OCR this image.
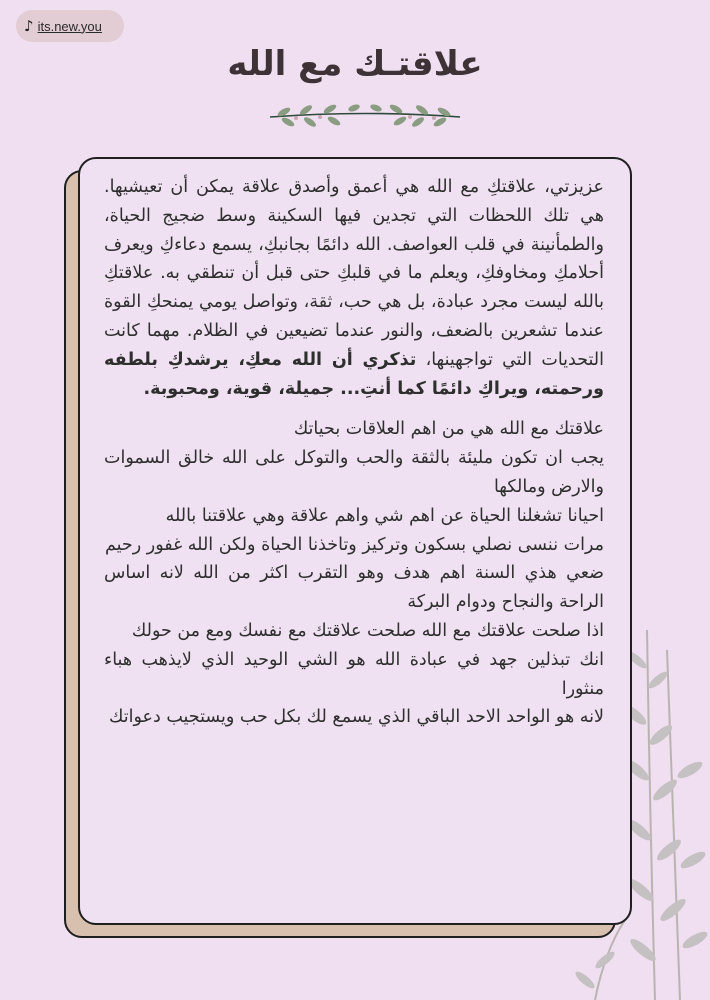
♪ its.new.you
علاقتـك مع الله

عزيزتي، علاقتكِ مع الله هي أعمق وأصدق علاقة يمكن أن تعيشيها. هي تلك اللحظات التي تجدين فيها السكينة وسط ضجيج الحياة، والطمأنينة في قلب العواصف. الله دائمًا بجانبكِ، يسمع دعاءكِ ويعرف أحلامكِ ومخاوفكِ، ويعلم ما في قلبكِ حتى قبل أن تنطقي به. علاقتكِ بالله ليست مجرد عبادة، بل هي حب، ثقة، وتواصل يومي يمنحكِ القوة عندما تشعرين بالضعف، والنور عندما تضيعين في الظلام. مهما كانت التحديات التي تواجهينها، تذكري أن الله معكِ، يرشدكِ بلطفه ورحمته، ويراكِ دائمًا كما أنتِ... جميلة، قوية، ومحبوبة.

علاقتك مع الله هي من اهم العلاقات بحياتك

يجب ان تكون مليئة بالثقة والحب والتوكل على الله خالق السموات والارض ومالكها

احيانا تشغلنا الحياة عن اهم شي واهم علاقة وهي علاقتنا بالله

مرات ننسى نصلي بسكون وتركيز وتاخذنا الحياة ولكن الله غفور رحيم

ضعي هذي السنة اهم هدف وهو التقرب اكثر من الله لانه اساس الراحة والنجاح ودوام البركة

اذا صلحت علاقتك مع الله صلحت علاقتك مع نفسك ومع من حولك

انك تبذلين جهد في عبادة الله هو الشي الوحيد الذي لايذهب هباء منثورا

لانه هو الواحد الاحد الباقي الذي يسمع لك بكل حب ويستجيب دعواتك
